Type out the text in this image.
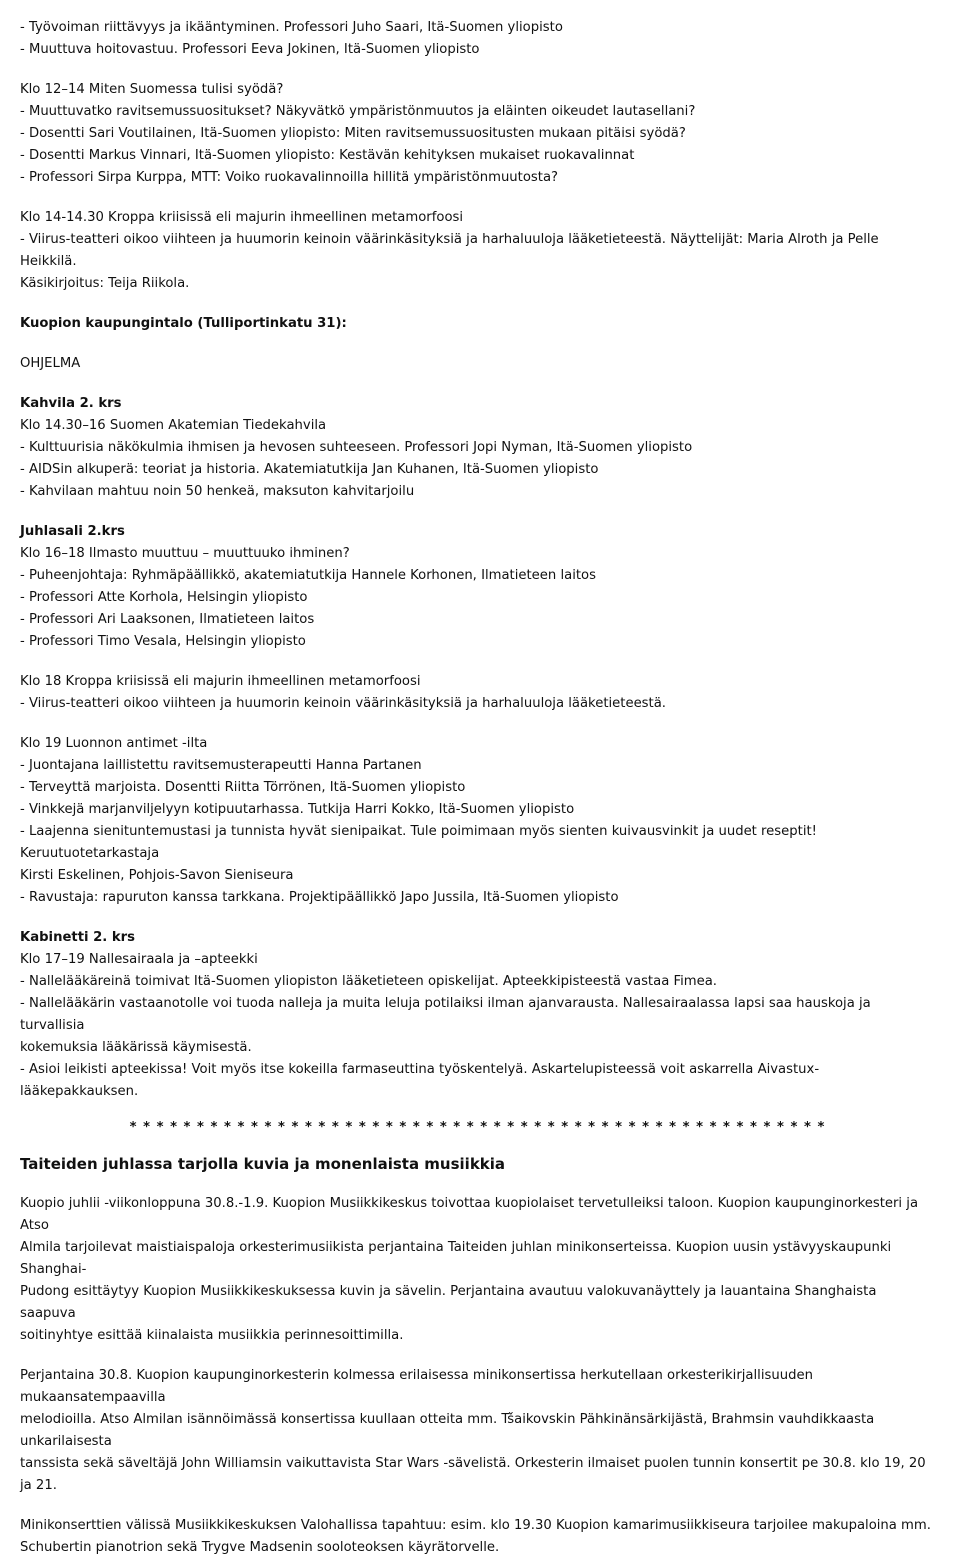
- Työvoiman riittävyys ja ikääntyminen. Professori Juho Saari, Itä-Suomen yliopisto

- Muuttuva hoitovastuu. Professori Eeva Jokinen, Itä-Suomen yliopisto

Klo 12–14 Miten Suomessa tulisi syödä?

- Muuttuvatko ravitsemussuositukset? Näkyvätkö ympäristönmuutos ja eläinten oikeudet lautasellani?

- Dosentti Sari Voutilainen, Itä-Suomen yliopisto: Miten ravitsemussuositusten mukaan pitäisi syödä?

- Dosentti Markus Vinnari, Itä-Suomen yliopisto: Kestävän kehityksen mukaiset ruokavalinnat

- Professori Sirpa Kurppa, MTT: Voiko ruokavalinnoilla hillitä ympäristönmuutosta?

Klo 14-14.30 Kroppa kriisissä eli majurin ihmeellinen metamorfoosi

- Viirus-teatteri oikoo viihteen ja huumorin keinoin väärinkäsityksiä ja harhaluuloja lääketieteestä. Näyttelijät: Maria Alroth ja Pelle Heikkilä.

Käsikirjoitus: Teija Riikola.

Kuopion kaupungintalo (Tulliportinkatu 31):

OHJELMA

Kahvila 2. krs

Klo 14.30–16 Suomen Akatemian Tiedekahvila

- Kulttuurisia näkökulmia ihmisen ja hevosen suhteeseen. Professori Jopi Nyman, Itä-Suomen yliopisto

- AIDSin alkuperä: teoriat ja historia. Akatemiatutkija Jan Kuhanen, Itä-Suomen yliopisto

- Kahvilaan mahtuu noin 50 henkeä, maksuton kahvitarjoilu

Juhlasali 2.krs

Klo 16–18 Ilmasto muuttuu – muuttuuko ihminen?

- Puheenjohtaja: Ryhmäpäällikkö, akatemiatutkija Hannele Korhonen, Ilmatieteen laitos

- Professori Atte Korhola, Helsingin yliopisto

- Professori Ari Laaksonen, Ilmatieteen laitos

- Professori Timo Vesala, Helsingin yliopisto

Klo 18 Kroppa kriisissä eli majurin ihmeellinen metamorfoosi

- Viirus-teatteri oikoo viihteen ja huumorin keinoin väärinkäsityksiä ja harhaluuloja lääketieteestä.

Klo 19 Luonnon antimet -ilta

- Juontajana laillistettu ravitsemusterapeutti Hanna Partanen

- Terveyttä marjoista. Dosentti Riitta Törrönen, Itä-Suomen yliopisto

- Vinkkejä marjanviljelyyn kotipuutarhassa. Tutkija Harri Kokko, Itä-Suomen yliopisto

- Laajenna sienituntemustasi ja tunnista hyvät sienipaikat. Tule poimimaan myös sienten kuivausvinkit ja uudet reseptit! Keruutuotetarkastaja

Kirsti Eskelinen, Pohjois-Savon Sieniseura

- Ravustaja: rapuruton kanssa tarkkana. Projektipäällikkö Japo Jussila, Itä-Suomen yliopisto

Kabinetti 2. krs

Klo 17–19 Nallesairaala ja –apteekki

- Nallelääkäreinä toimivat Itä-Suomen yliopiston lääketieteen opiskelijat. Apteekkipisteestä vastaa Fimea.

- Nallelääkärin vastaanotolle voi tuoda nalleja ja muita leluja potilaiksi ilman ajanvarausta. Nallesairaalassa lapsi saa hauskoja ja turvallisia

kokemuksia lääkärissä käymisestä.

- Asioi leikisti apteekissa! Voit myös itse kokeilla farmaseuttina työskentelyä. Askartelupisteessä voit askarrella Aivastux-lääkepakkauksen.

* * * * * * * * * * * * * * * * * * * * * * * * * * * * * * * * * * * * * * * * * * * * * * * * * * * *

Taiteiden juhlassa tarjolla kuvia ja monenlaista musiikkia

Kuopio juhlii -viikonloppuna 30.8.-1.9. Kuopion Musiikkikeskus toivottaa kuopiolaiset tervetulleiksi taloon. Kuopion kaupunginorkesteri ja Atso

Almila tarjoilevat maistiaispaloja orkesterimusiikista perjantaina Taiteiden juhlan minikonserteissa. Kuopion uusin ystävyyskaupunki Shanghai-

Pudong esittäytyy Kuopion Musiikkikeskuksessa kuvin ja sävelin. Perjantaina avautuu valokuvanäyttely ja lauantaina Shanghaista saapuva

soitinyhtye esittää kiinalaista musiikkia perinnesoittimilla.

Perjantaina 30.8. Kuopion kaupunginorkesterin kolmessa erilaisessa minikonsertissa herkutellaan orkesterikirjallisuuden mukaansatempaavilla

melodioilla. Atso Almilan isännöimässä konsertissa kuullaan otteita mm. Tšaikovskin Pähkinänsärkijästä, Brahmsin vauhdikkaasta unkarilaisesta

tanssista sekä säveltäjä John Williamsin vaikuttavista Star Wars -sävelistä. Orkesterin ilmaiset puolen tunnin konsertit pe 30.8. klo 19, 20 ja 21.

Minikonserttien välissä Musiikkikeskuksen Valohallissa tapahtuu: esim. klo 19.30 Kuopion kamarimusiikkiseura tarjoilee makupaloina mm.

Schubertin pianotrion sekä Trygve Madsenin sooloteoksen käyrätorvelle.
